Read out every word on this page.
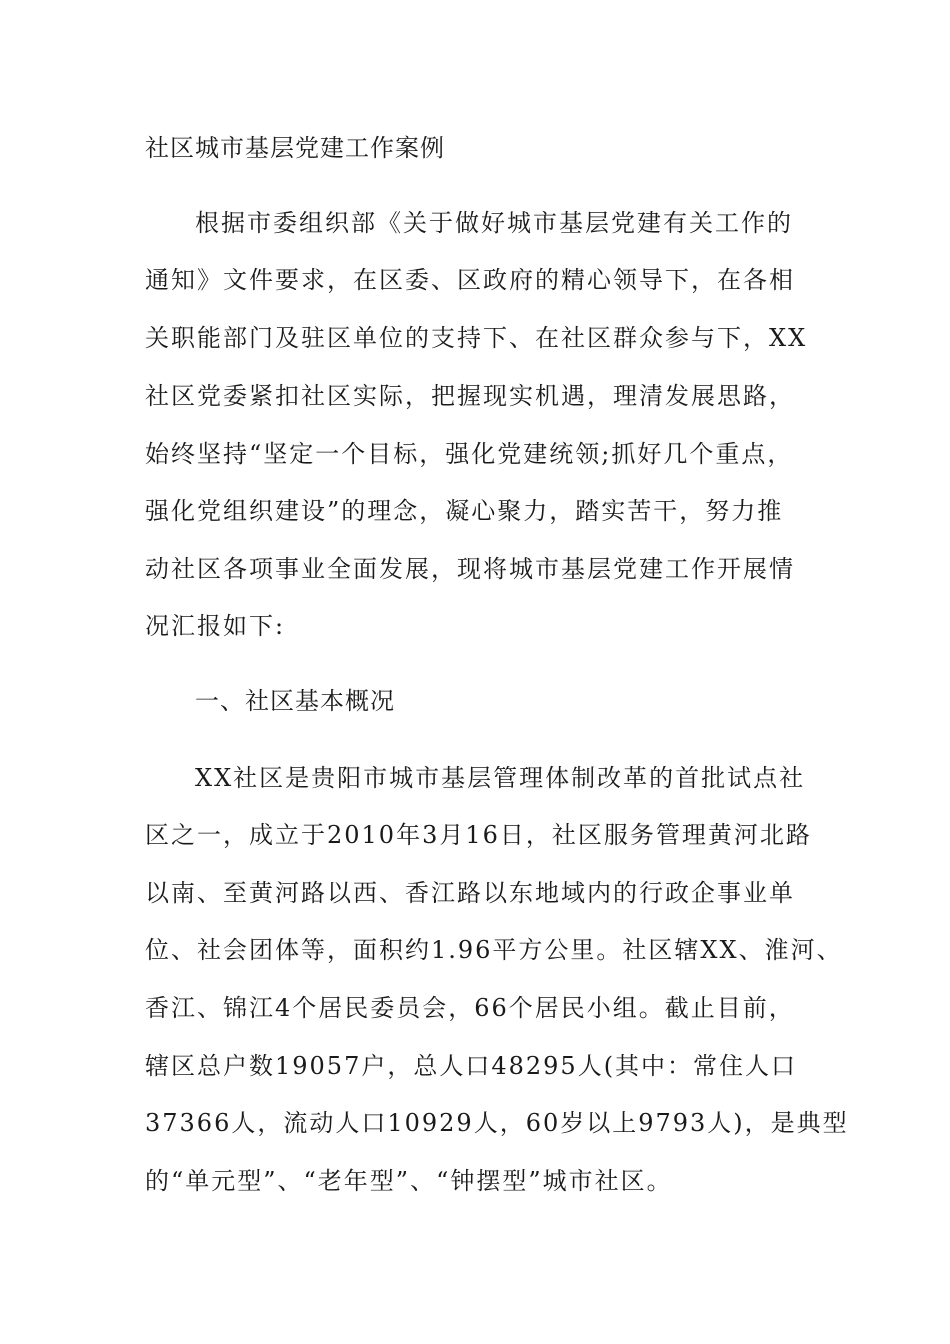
社区城市基层党建工作案例
根据市委组织部《关于做好城市基层党建有关工作的
通知》文件要求，在区委、区政府的精心领导下，在各相
关职能部门及驻区单位的支持下、在社区群众参与下，XX
社区党委紧扣社区实际，把握现实机遇，理清发展思路，
始终坚持“坚定一个目标，强化党建统领;抓好几个重点，
强化党组织建设”的理念，凝心聚力，踏实苦干，努力推
动社区各项事业全面发展，现将城市基层党建工作开展情
况汇报如下:
一、社区基本概况
XX社区是贵阳市城市基层管理体制改革的首批试点社
区之一，成立于2010年3月16日，社区服务管理黄河北路
以南、至黄河路以西、香江路以东地域内的行政企事业单
位、社会团体等，面积约1.96平方公里。社区辖XX、淮河、
香江、锦江4个居民委员会，66个居民小组。截止目前，
辖区总户数19057户，总人口48295人(其中：常住人口
37366人，流动人口10929人，60岁以上9793人)，是典型
的“单元型”、“老年型”、“钟摆型”城市社区。
